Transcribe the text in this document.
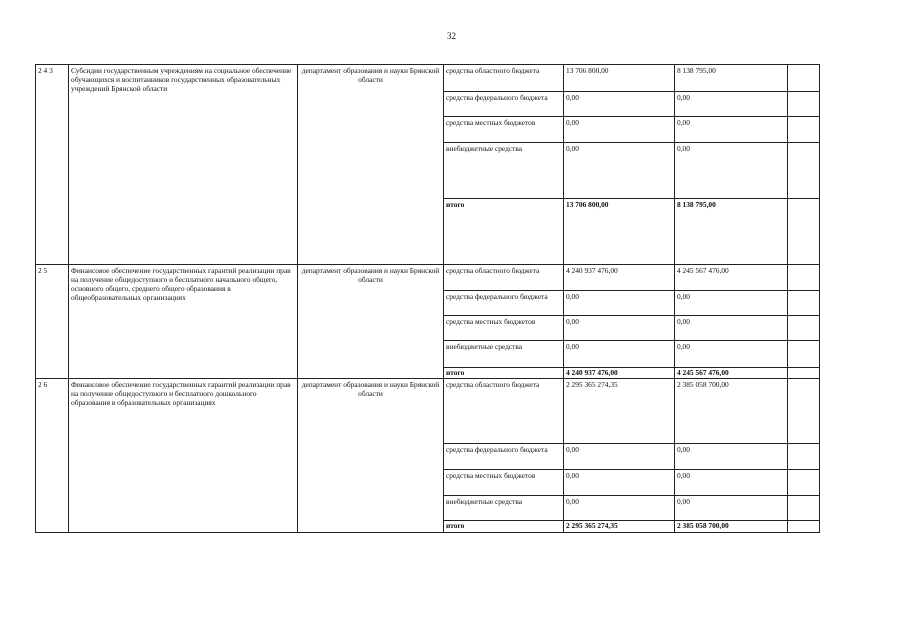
32
2 4 3	Субсидии государственным учреждениям на социальное обеспечение обучающихся и воспитанников государственных образовательных учреждений Брянской области	департамент образования и науки Брянской области	средства областного бюджета	13 706 800,00	8 138 795,00	
			средства федерального бюджета	0,00	0,00	
			средства местных бюджетов	0,00	0,00	
			внебюджетные средства	0,00	0,00	
			итого	13 706 800,00	8 138 795,00	
2 5	Финансовое обеспечение государственных гарантий реализации прав на получение общедоступного и бесплатного начального общего, основного общего, среднего общего образования в общеобразовательных организациях	департамент образования и науки Брянской области	средства областного бюджета	4 240 937 476,00	4 245 567 476,00	
			средства федерального бюджета	0,00	0,00	
			средства местных бюджетов	0,00	0,00	
			внебюджетные средства	0,00	0,00	
			итого	4 240 937 476,00	4 245 567 476,00	
2 6	Финансовое обеспечение государственных гарантий реализации прав на получение общедоступного и бесплатного дошкольного образования в образовательных организациях	департамент образования и науки Брянской области	средства областного бюджета	2 295 365 274,35	2 385 058 700,00	
			средства федерального бюджета	0,00	0,00	
			средства местных бюджетов	0,00	0,00	
			внебюджетные средства	0,00	0,00	
			итого	2 295 365 274,35	2 385 058 700,00	
